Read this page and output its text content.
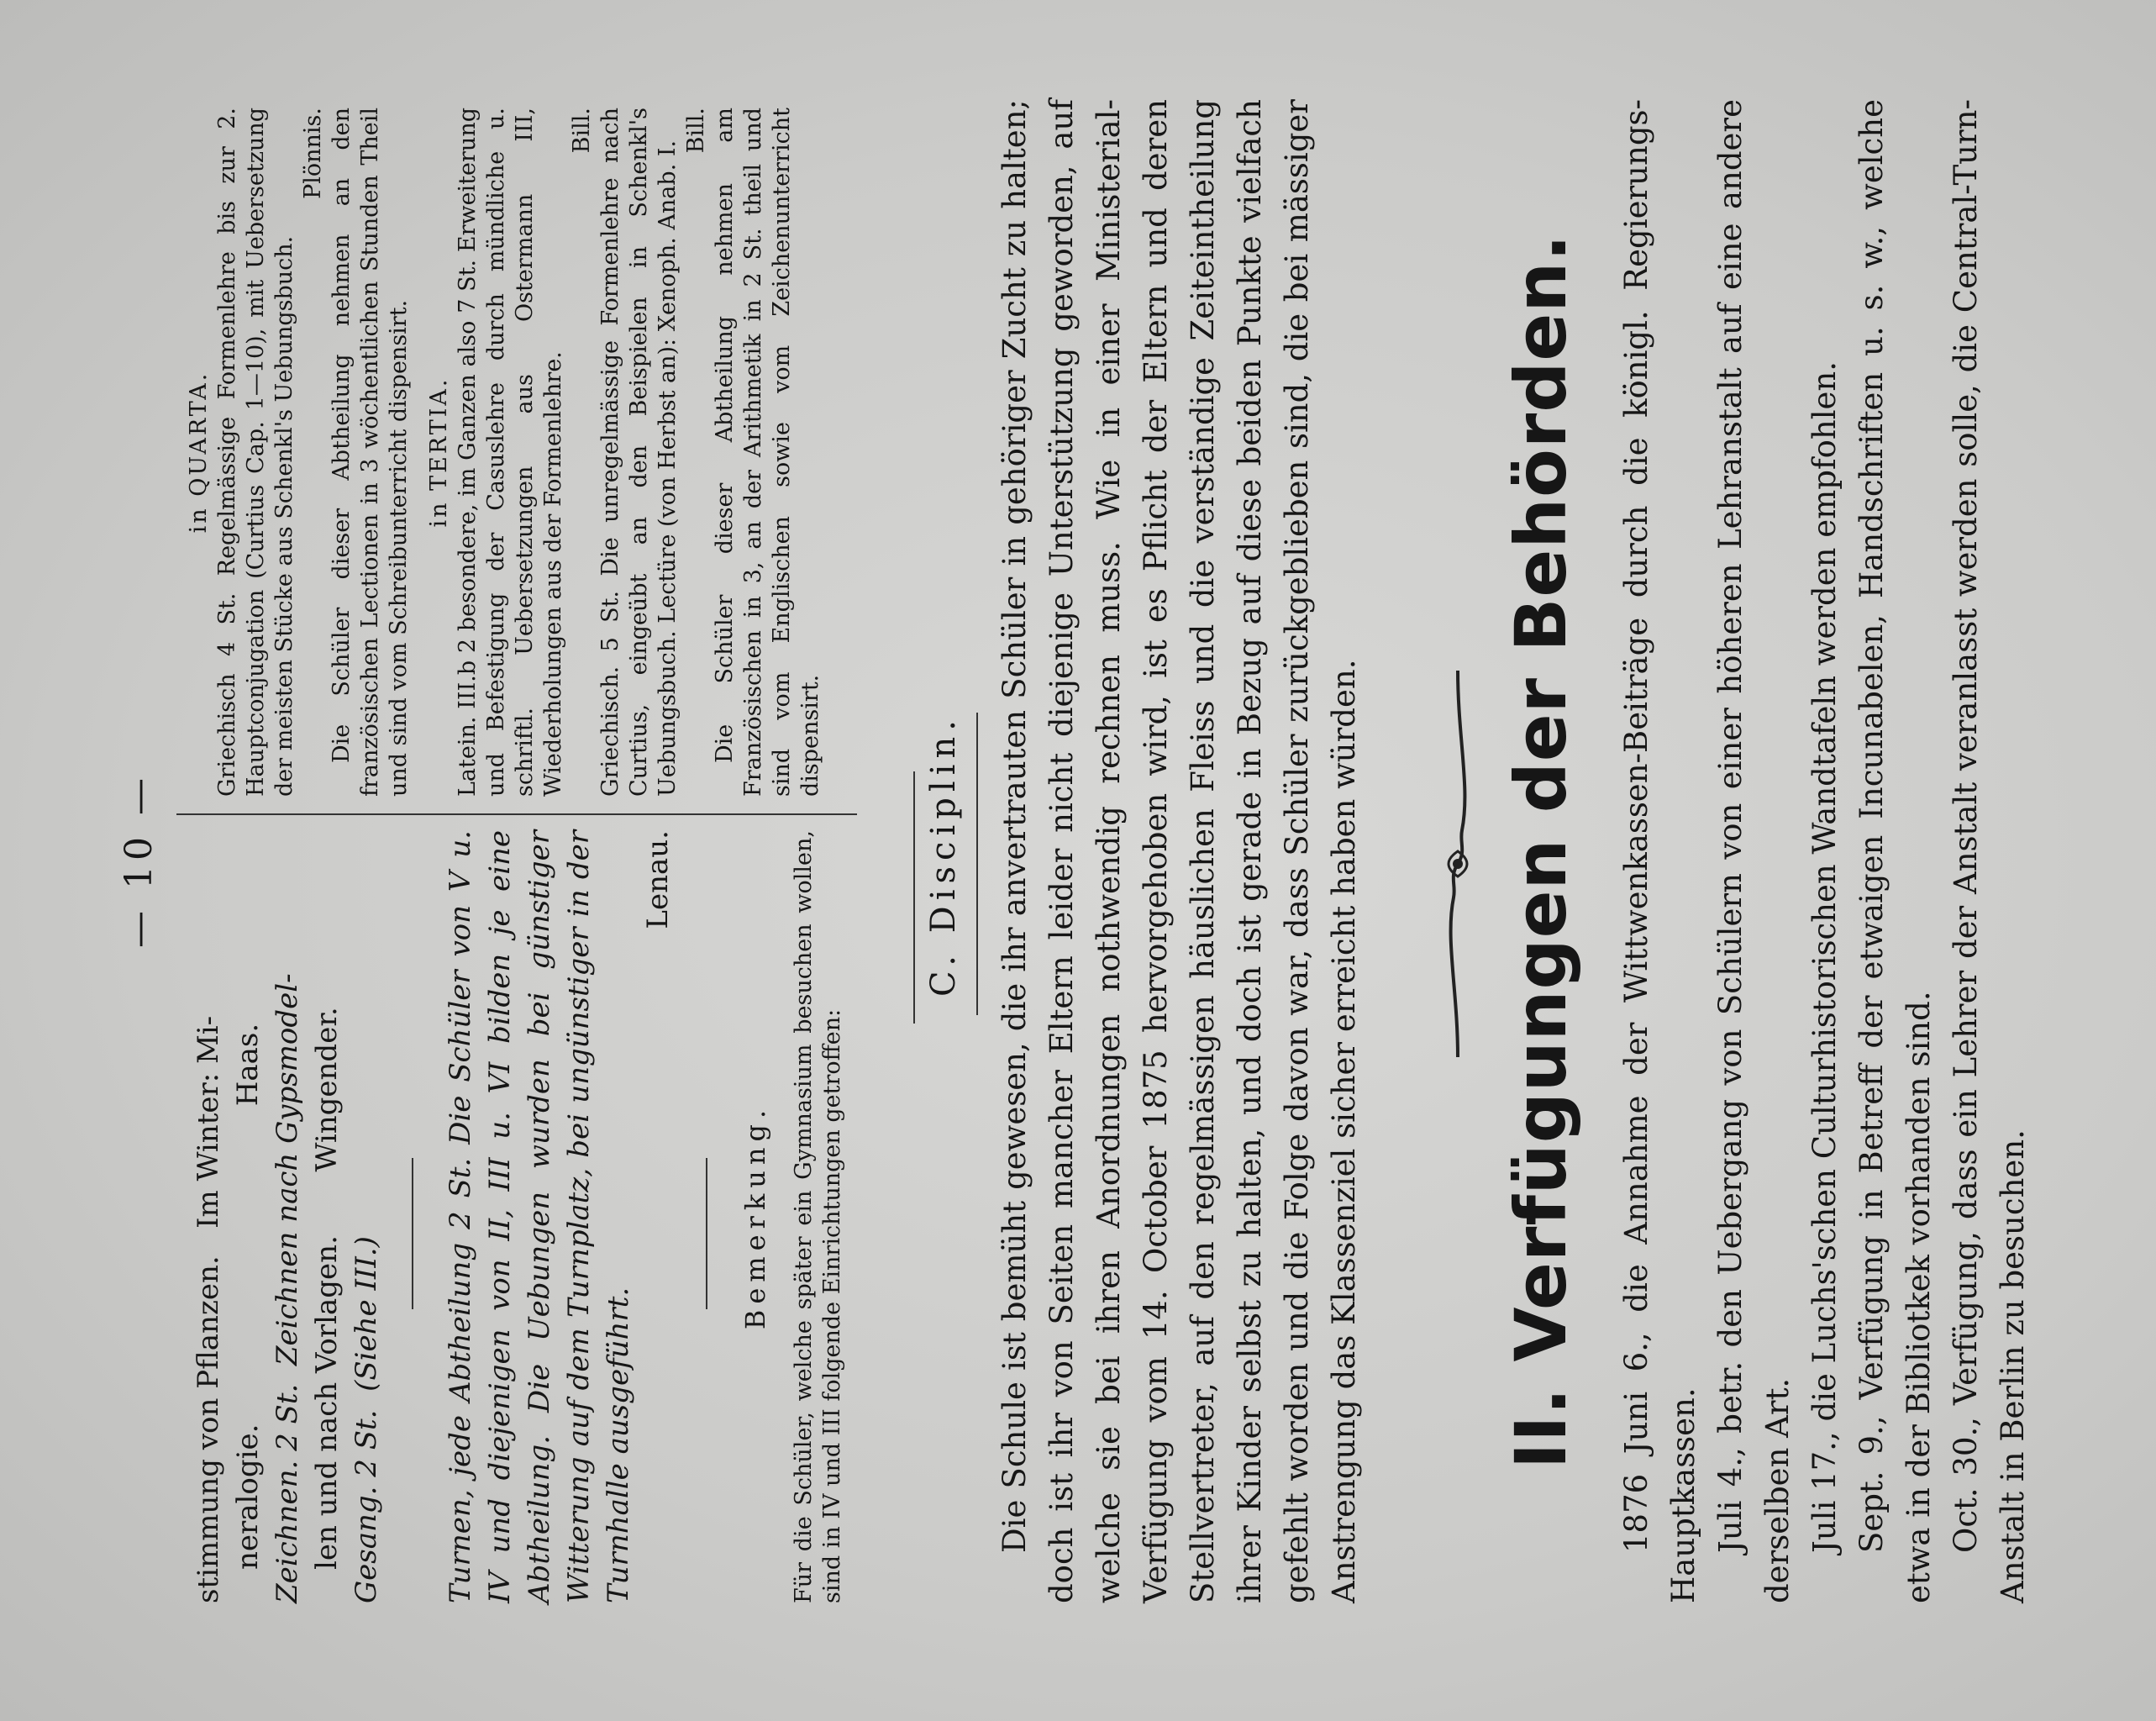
— 10 —

stimmung von Pflanzen.   Im Winter: Mi- neralogie.                                   Haas. Zeichnen. 2 St.  Zeichnen nach Gypsmodel- len und nach Vorlagen.       Wingender. Gesang. 2 St.  (Siehe III.) Turnen, jede Abtheilung 2 St. Die Schüler von V u. IV und diejenigen von II, III u. VI bilden je eine Abtheilung. Die Uebungen wurden bei günstiger Witterung auf dem Turnplatz, bei ungünstiger in der Turnhalle ausgeführt.

Lenau.
Bemerkung. Für die Schüler, welche später ein Gymnasium besuchen wollen, sind in IV und III folgende Einrichtungen getroffen:

in QUARTA. Griechisch 4 St. Regelmässige Formenlehre bis zur 2. Hauptconjugation (Curtius Cap. 1—10), mit Uebersetzung der meisten Stücke aus Schenkl's Uebungsbuch.

Plönnis. Die Schüler dieser Abtheilung nehmen an den französischen Lectionen in 3 wöchentlichen Stunden Theil und sind vom Schreibunterricht dispensirt. in TERTIA. Latein. III.b 2 besondere, im Ganzen also 7 St. Erweiterung und Befestigung der Casuslehre durch mündliche u. schriftl. Uebersetzungen aus Ostermann III, Wiederholungen aus der Formenlehre.

Bill. Griechisch. 5 St. Die unregelmässige Formenlehre nach Curtius, eingeübt an den Beispielen in Schenkl's Uebungsbuch. Lectüre (von Herbst an): Xenoph. Anab. I.

Bill. Die Schüler dieser Abtheilung nehmen am Französischen in 3, an der Arithmetik in 2 St. theil und sind vom Englischen sowie vom Zeichenunterricht dispensirt.	C. Disciplin. Die Schule ist bemüht gewesen, die ihr anvertrauten Schüler in gehöriger Zucht zu halten; doch ist ihr von Seiten mancher Eltern leider nicht diejenige Unterstützung geworden, auf welche sie bei ihren Anordnungen nothwendig rechnen muss. Wie in einer Ministerial-Verfügung vom 14. October 1875 hervorgehoben wird, ist es Pflicht der Eltern und deren Stellvertreter, auf den regelmässigen häuslichen Fleiss und die verständige Zeiteintheilung ihrer Kinder selbst zu halten, und doch ist gerade in Bezug auf diese beiden Punkte vielfach gefehlt worden und die Folge davon war, dass Schüler zurückgeblieben sind, die bei mässiger Anstrengung das Klassenziel sicher erreicht haben würden. II. Verfügungen der Behörden. 1876 Juni 6., die Annahme der Wittwenkassen-Beiträge durch die königl. Regierungs-Hauptkassen. Juli 4., betr. den Uebergang von Schülern von einer höheren Lehranstalt auf eine andere derselben Art. Juli 17., die Luchs'schen Culturhistorischen Wandtafeln werden empfohlen. Sept. 9., Verfügung in Betreff der etwaigen Incunabelen, Handschriften u. s. w., welche etwa in der Bibliotkek vorhanden sind. Oct. 30., Verfügung, dass ein Lehrer der Anstalt veranlasst werden solle, die Central-Turn-Anstalt in Berlin zu besuchen.
